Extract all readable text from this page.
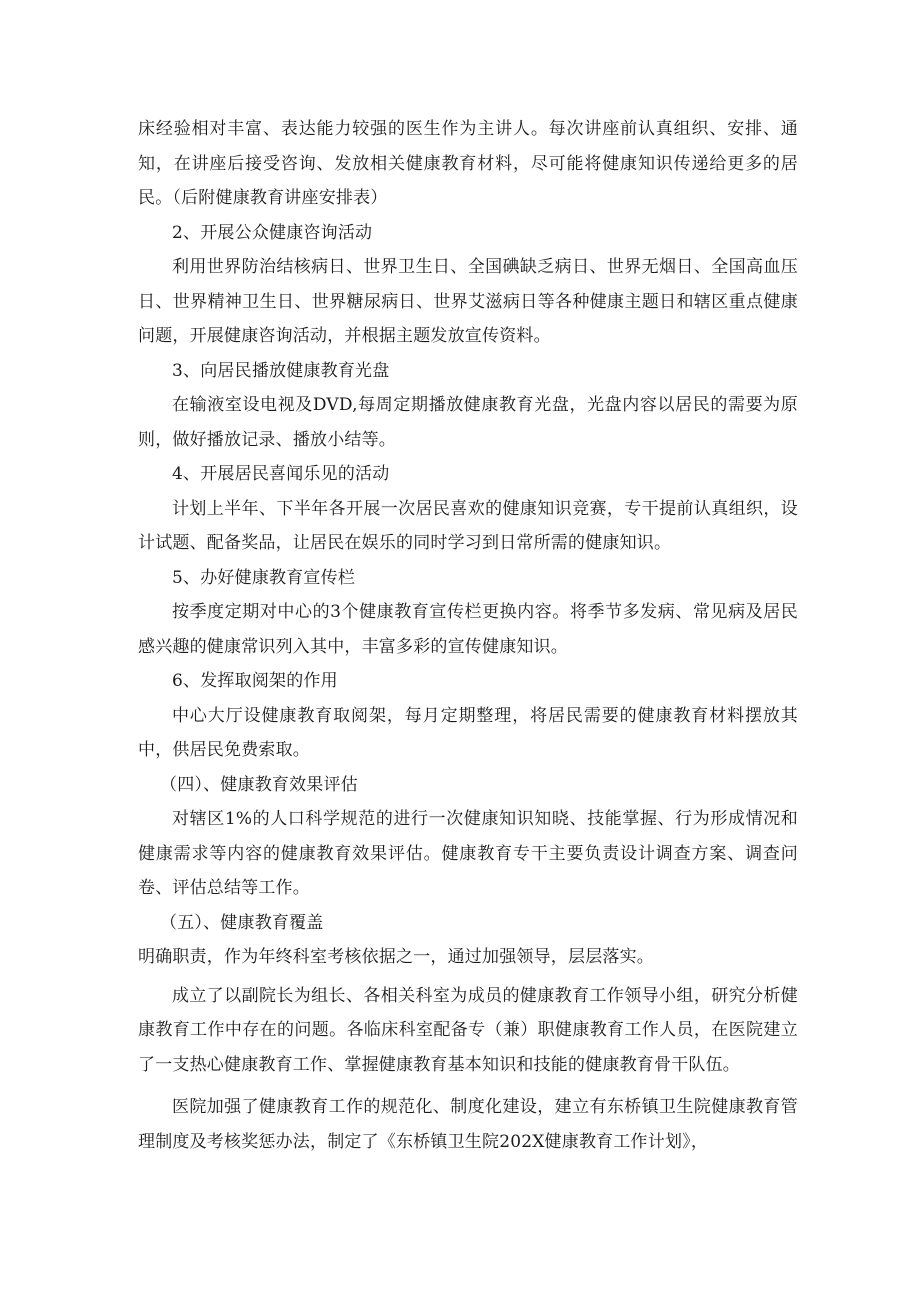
床经验相对丰富、表达能力较强的医生作为主讲人。每次讲座前认真组织、安排、通知，在讲座后接受咨询、发放相关健康教育材料，尽可能将健康知识传递给更多的居民。（后附健康教育讲座安排表）

2、开展公众健康咨询活动

利用世界防治结核病日、世界卫生日、全国碘缺乏病日、世界无烟日、全国高血压日、世界精神卫生日、世界糖尿病日、世界艾滋病日等各种健康主题日和辖区重点健康问题，开展健康咨询活动，并根据主题发放宣传资料。

3、向居民播放健康教育光盘

在输液室设电视及DVD,每周定期播放健康教育光盘，光盘内容以居民的需要为原则，做好播放记录、播放小结等。

4、开展居民喜闻乐见的活动

计划上半年、下半年各开展一次居民喜欢的健康知识竞赛，专干提前认真组织，设计试题、配备奖品，让居民在娱乐的同时学习到日常所需的健康知识。

5、办好健康教育宣传栏

按季度定期对中心的3个健康教育宣传栏更换内容。将季节多发病、常见病及居民感兴趣的健康常识列入其中，丰富多彩的宣传健康知识。

6、发挥取阅架的作用

中心大厅设健康教育取阅架，每月定期整理，将居民需要的健康教育材料摆放其中，供居民免费索取。

（四）、健康教育效果评估

对辖区1%的人口科学规范的进行一次健康知识知晓、技能掌握、行为形成情况和健康需求等内容的健康教育效果评估。健康教育专干主要负责设计调查方案、调查问卷、评估总结等工作。

（五）、健康教育覆盖

明确职责，作为年终科室考核依据之一，通过加强领导，层层落实。

成立了以副院长为组长、各相关科室为成员的健康教育工作领导小组，研究分析健康教育工作中存在的问题。各临床科室配备专（兼）职健康教育工作人员，在医院建立了一支热心健康教育工作、掌握健康教育基本知识和技能的健康教育骨干队伍。

医院加强了健康教育工作的规范化、制度化建设，建立有东桥镇卫生院健康教育管理制度及考核奖惩办法，制定了《东桥镇卫生院202X健康教育工作计划》，
